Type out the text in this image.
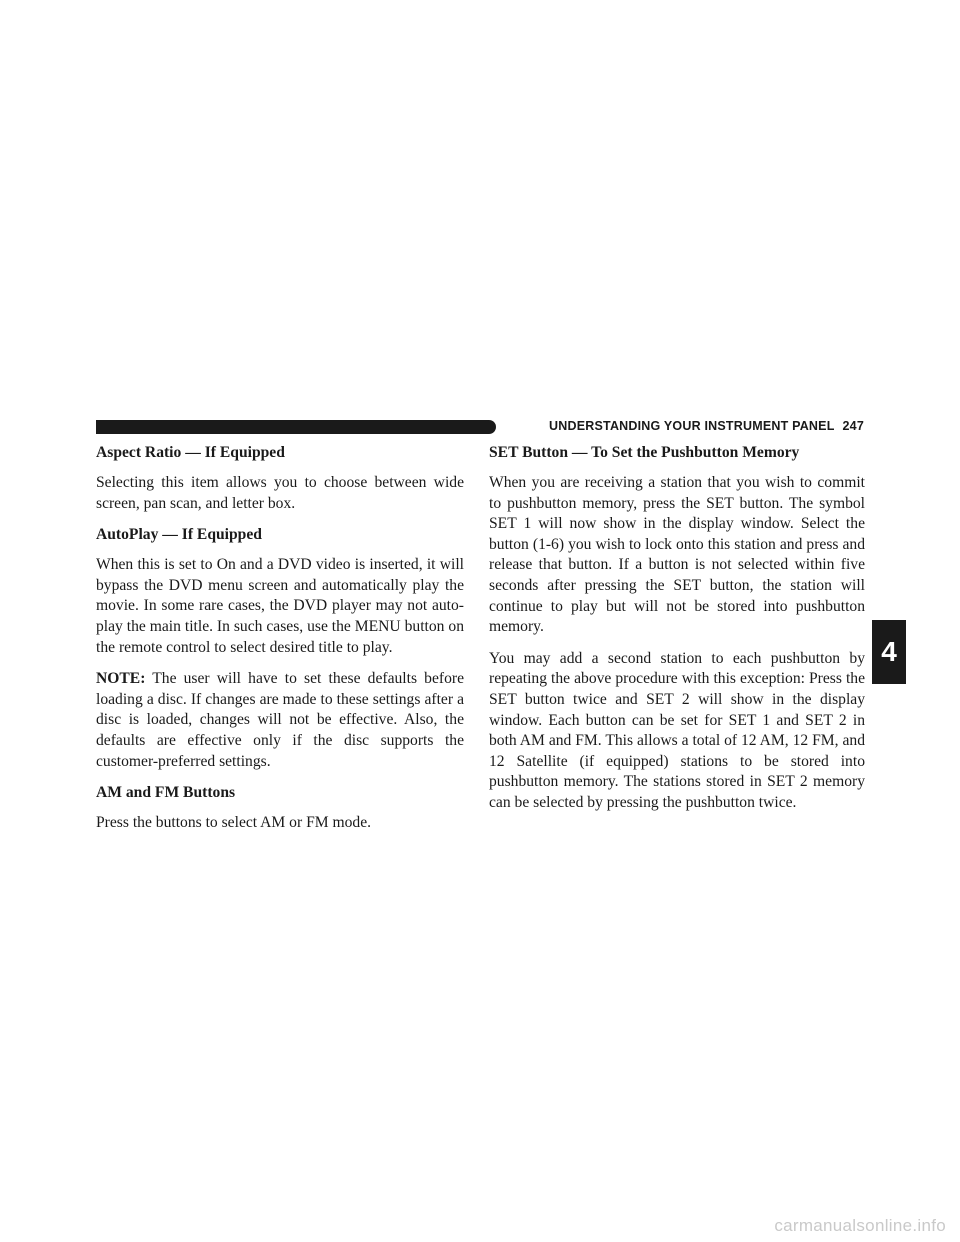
UNDERSTANDING YOUR INSTRUMENT PANEL 247
Aspect Ratio — If Equipped

Selecting this item allows you to choose between wide screen, pan scan, and letter box.

AutoPlay — If Equipped

When this is set to On and a DVD video is inserted, it will bypass the DVD menu screen and automatically play the movie. In some rare cases, the DVD player may not auto-play the main title. In such cases, use the MENU button on the remote control to select desired title to play.

NOTE: The user will have to set these defaults before loading a disc. If changes are made to these settings after a disc is loaded, changes will not be effective. Also, the defaults are effective only if the disc supports the customer-preferred settings.

AM and FM Buttons

Press the buttons to select AM or FM mode.

SET Button — To Set the Pushbutton Memory

When you are receiving a station that you wish to commit to pushbutton memory, press the SET button. The symbol SET 1 will now show in the display window. Select the button (1-6) you wish to lock onto this station and press and release that button. If a button is not selected within five seconds after pressing the SET button, the station will continue to play but will not be stored into pushbutton memory.

You may add a second station to each pushbutton by repeating the above procedure with this exception: Press the SET button twice and SET 2 will show in the display window. Each button can be set for SET 1 and SET 2 in both AM and FM. This allows a total of 12 AM, 12 FM, and 12 Satellite (if equipped) stations to be stored into pushbutton memory. The stations stored in SET 2 memory can be selected by pressing the pushbutton twice.

4
carmanualsonline.info
